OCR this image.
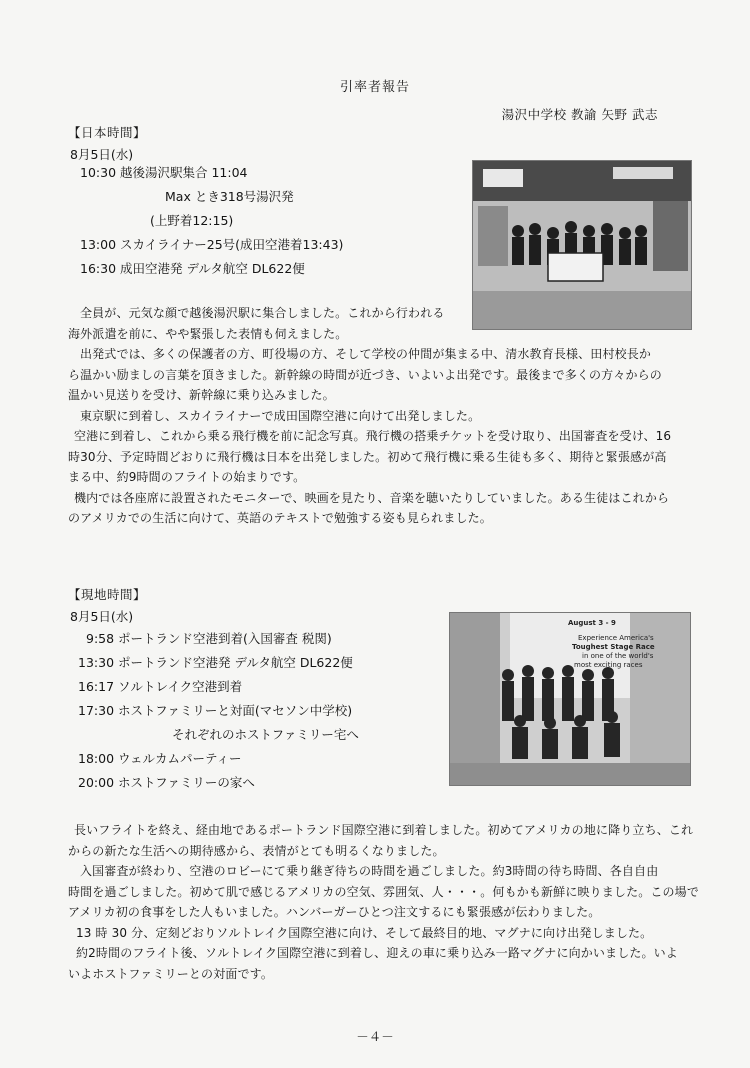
引率者報告
湯沢中学校 教諭 矢野 武志
【日本時間】
8月5日(水)
10:30 越後湯沢駅集合 11:04
Max とき318号湯沢発
(上野着12:15)
13:00 スカイライナー25号(成田空港着13:43)
16:30 成田空港発 デルタ航空 DL622便

全員が、元気な顔で越後湯沢駅に集合しました。これから行われる

海外派遣を前に、やや緊張した表情も伺えました。

出発式では、多くの保護者の方、町役場の方、そして学校の仲間が集まる中、清水教育長様、田村校長か

ら温かい励ましの言葉を頂きました。新幹線の時間が近づき、いよいよ出発です。最後まで多くの方々からの

温かい見送りを受け、新幹線に乗り込みました。

東京駅に到着し、スカイライナーで成田国際空港に向けて出発しました。

空港に到着し、これから乗る飛行機を前に記念写真。飛行機の搭乗チケットを受け取り、出国審査を受け、16

時30分、予定時間どおりに飛行機は日本を出発しました。初めて飛行機に乗る生徒も多く、期待と緊張感が高

まる中、約9時間のフライトの始まりです。

機内では各座席に設置されたモニターで、映画を見たり、音楽を聴いたりしていました。ある生徒はこれから

のアメリカでの生活に向けて、英語のテキストで勉強する姿も見られました。

【現地時間】
8月5日(水)
9:58 ポートランド空港到着(入国審査 税関)
13:30 ポートランド空港発 デルタ航空 DL622便
16:17 ソルトレイク空港到着
17:30 ホストファミリーと対面(マセソン中学校)
それぞれのホストファミリー宅へ
18:00 ウェルカムパーティー
20:00 ホストファミリーの家へ
August 3 - 9
Experience America's
Toughest Stage Race
in one of the world's
most exciting races

長いフライトを終え、経由地であるポートランド国際空港に到着しました。初めてアメリカの地に降り立ち、これ

からの新たな生活への期待感から、表情がとても明るくなりました。

入国審査が終わり、空港のロビーにて乗り継ぎ待ちの時間を過ごしました。約3時間の待ち時間、各自自由

時間を過ごしました。初めて肌で感じるアメリカの空気、雰囲気、人・・・。何もかも新鮮に映りました。この場で

アメリカ初の食事をした人もいました。ハンバーガーひとつ注文するにも緊張感が伝わりました。

13 時 30 分、定刻どおりソルトレイク国際空港に向け、そして最終目的地、マグナに向け出発しました。

約2時間のフライト後、ソルトレイク国際空港に到着し、迎えの車に乗り込み一路マグナに向かいました。いよ

いよホストファミリーとの対面です。

－４－
